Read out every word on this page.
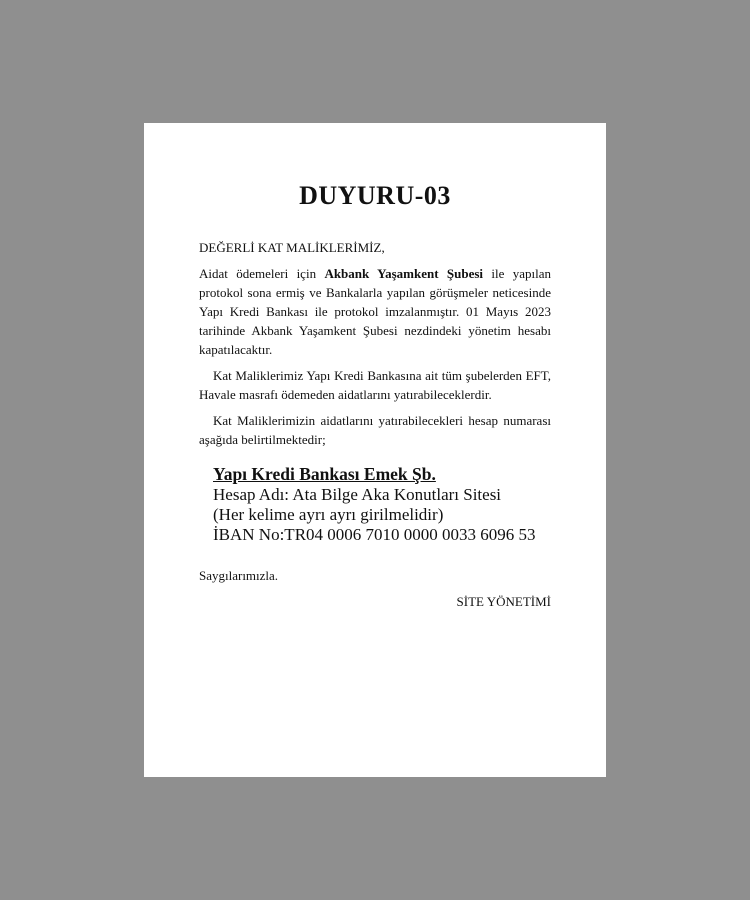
DUYURU-03
DEĞERLİ KAT MALİKLERİMİZ,

Aidat ödemeleri için Akbank Yaşamkent Şubesi ile yapılan protokol sona ermiş ve Bankalarla yapılan görüşmeler neticesinde Yapı Kredi Bankası ile protokol imzalanmıştır. 01 Mayıs 2023 tarihinde Akbank Yaşamkent Şubesi nezdindeki yönetim hesabı kapatılacaktır.

Kat Maliklerimiz Yapı Kredi Bankasına ait tüm şubelerden EFT, Havale masrafı ödemeden aidatlarını yatırabileceklerdir.

Kat Maliklerimizin aidatlarını yatırabilecekleri hesap numarası aşağıda belirtilmektedir;

Yapı Kredi Bankası Emek Şb.
Hesap Adı: Ata Bilge Aka Konutları Sitesi
(Her kelime ayrı ayrı girilmelidir)
İBAN No:TR04 0006 7010 0000 0033 6096 53
Saygılarımızla.
SİTE YÖNETİMİ
